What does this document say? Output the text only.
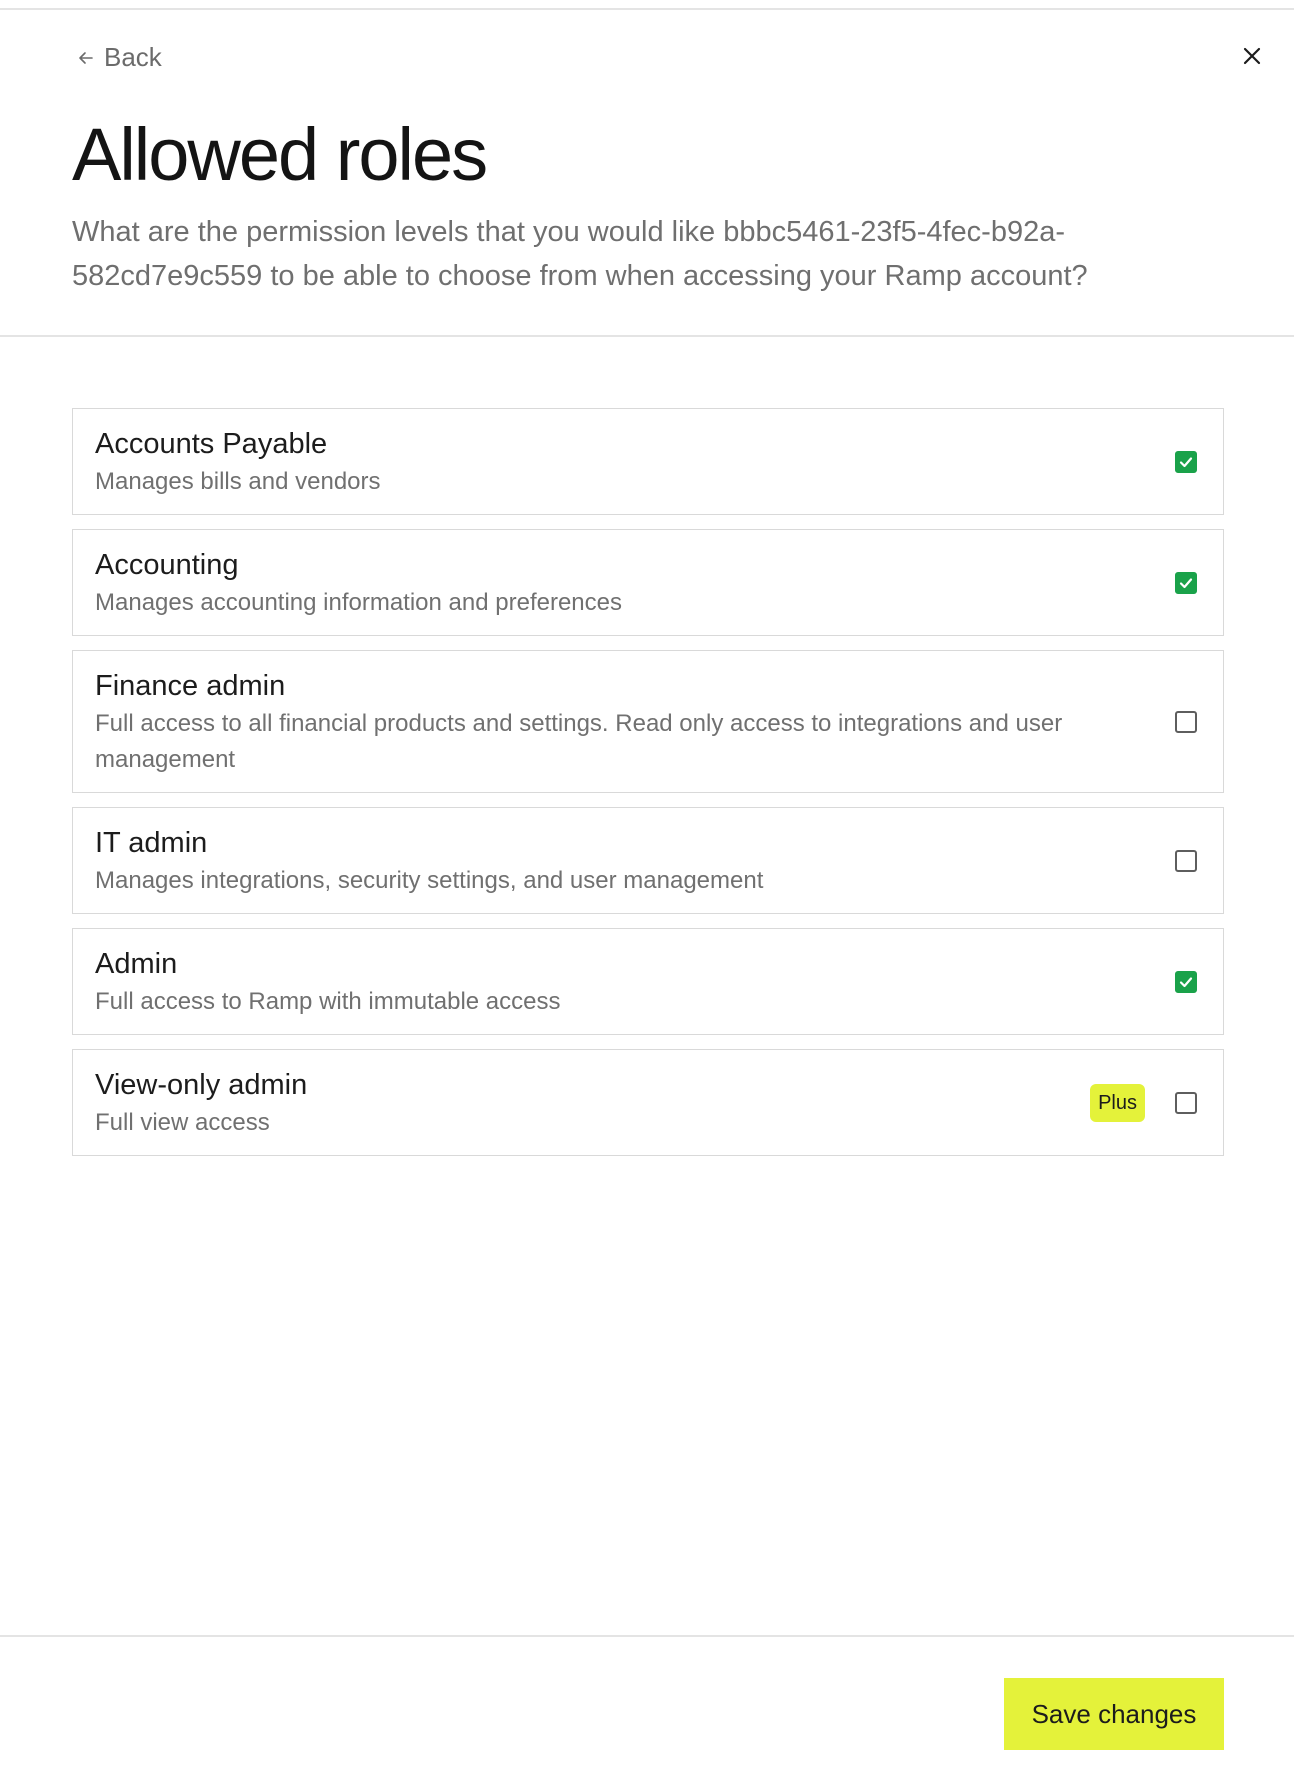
Back
Allowed roles

What are the permission levels that you would like bbbc5461-23f5-4fec-b92a-582cd7e9c559 to be able to choose from when accessing your Ramp account?

Accounts Payable
Manages bills and vendors
Accounting
Manages accounting information and preferences
Finance admin
Full access to all financial products and settings. Read only access to integrations and user management
IT admin
Manages integrations, security settings, and user management
Admin
Full access to Ramp with immutable access
View-only admin
Full view access
Plus
Save changes
